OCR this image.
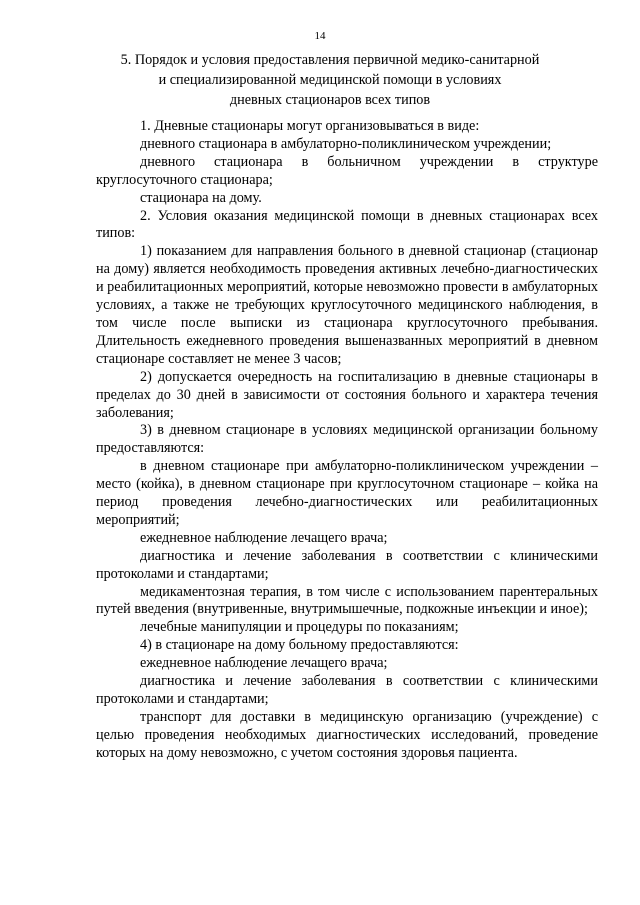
14
5. Порядок и условия предоставления первичной медико-санитарной
и специализированной медицинской помощи в условиях
дневных стационаров всех типов

1. Дневные стационары могут организовываться в виде:

дневного стационара в амбулаторно-поликлиническом учреждении;

дневного стационара в больничном учреждении в структуре круглосуточного стационара;

стационара на дому.

2. Условия оказания медицинской помощи в дневных стационарах всех типов:

1) показанием для направления больного в дневной стационар (стационар на дому) является необходимость проведения активных лечебно-диагностических и реабилитационных мероприятий, которые невозможно провести в амбулаторных условиях, а также не требующих круглосуточного медицинского наблюдения, в том числе после выписки из стационара круглосуточного пребывания. Длительность ежедневного проведения вышеназванных мероприятий в дневном стационаре составляет не менее 3 часов;

2) допускается очередность на госпитализацию в дневные стационары в пределах до 30 дней в зависимости от состояния больного и характера течения заболевания;

3) в дневном стационаре в условиях медицинской организации больному предоставляются:

в дневном стационаре при амбулаторно-поликлиническом учреждении – место (койка), в дневном стационаре при круглосуточном стационаре – койка на период проведения лечебно-диагностических или реабилитационных мероприятий;

ежедневное наблюдение лечащего врача;

диагностика и лечение заболевания в соответствии с клиническими протоколами и стандартами;

медикаментозная терапия, в том числе с использованием парентеральных путей введения (внутривенные, внутримышечные, подкожные инъекции и иное);

лечебные манипуляции и процедуры по показаниям;

4) в стационаре на дому больному предоставляются:

ежедневное наблюдение лечащего врача;

диагностика и лечение заболевания в соответствии с клиническими протоколами и стандартами;

транспорт для доставки в медицинскую организацию (учреждение) с целью проведения необходимых диагностических исследований, проведение которых на дому невозможно, с учетом состояния здоровья пациента.
